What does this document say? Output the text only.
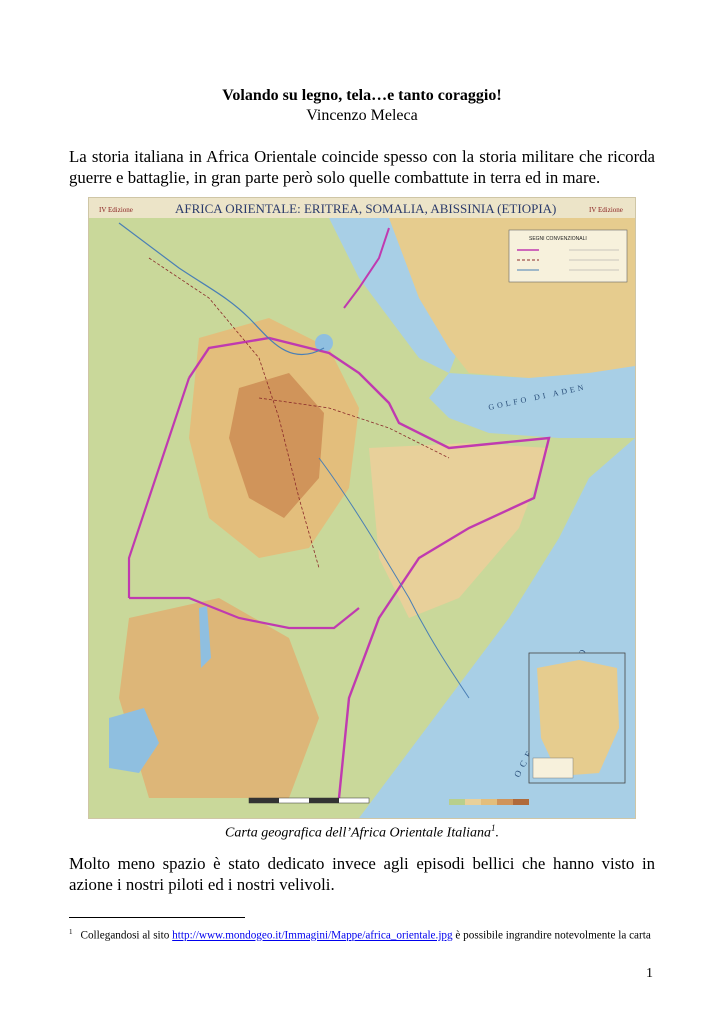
Volando su legno, tela…e tanto coraggio!
Vincenzo Meleca
La storia italiana in Africa Orientale coincide spesso con la storia militare che ricorda guerre e battaglie, in gran parte però solo quelle combattute in terra ed in mare.
IV Edizione	AFRICA ORIENTALE: ERITREA, SOMALIA, ABISSINIA (ETIOPIA)	IV Edizione
SEGNI CONVENZIONALI
GOLFO DI ADEN
Carta geografica dell’Africa Orientale Italiana$^1$.
Molto meno spazio è stato dedicato invece agli episodi bellici che hanno visto in azione i nostri piloti ed i nostri velivoli.
$^1$ Collegandosi al sito http://www.mondogeo.it/Immagini/Mappe/africa_orientale.jpg è possibile ingrandire notevolmente la carta
1
